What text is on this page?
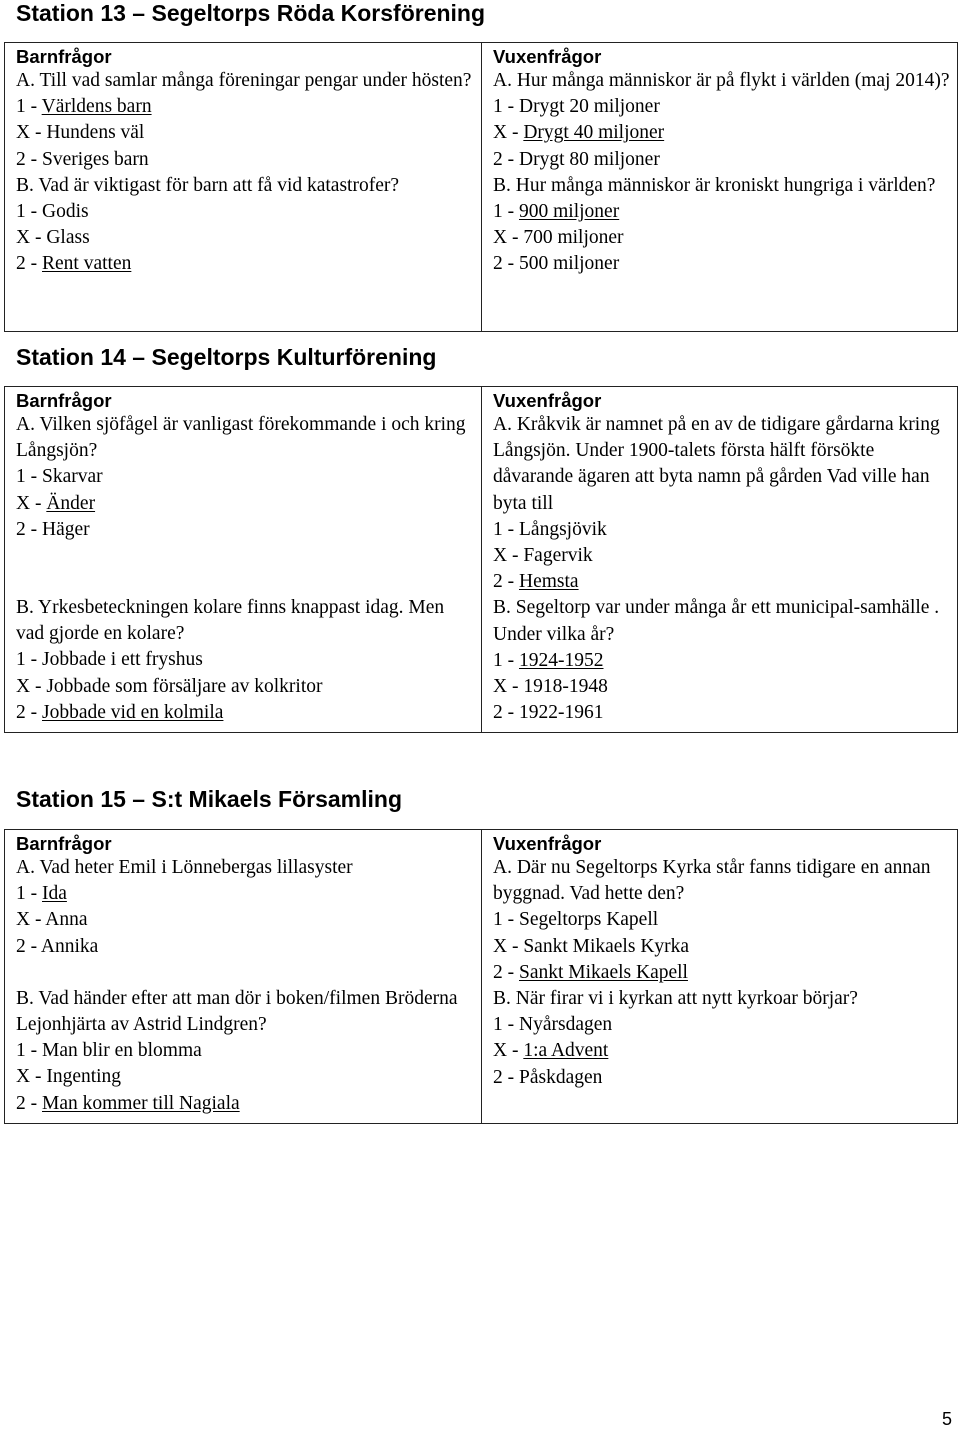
Station 13 – Segeltorps Röda Korsförening
Barnfrågor
A. Till vad samlar många föreningar pengar under hösten?
1 - Världens barn
X - Hundens väl
2 - Sveriges barn
B. Vad är viktigast för barn att få vid katastrofer?
1 - Godis
X - Glass
2 - Rent vatten

Vuxenfrågor
A. Hur många människor är på flykt i världen (maj 2014)?
1 - Drygt 20 miljoner
X - Drygt 40 miljoner
2 - Drygt 80 miljoner
B. Hur många människor är kroniskt hungriga i världen?
1 - 900 miljoner
X - 700 miljoner
2 - 500 miljoner
Station 14 – Segeltorps Kulturförening
Barnfrågor
A. Vilken sjöfågel är vanligast förekommande i och kring Långsjön?
1 - Skarvar
X - Änder
2 - Häger
B. Yrkesbeteckningen kolare finns knappast idag. Men vad gjorde en kolare?
1 - Jobbade i ett fryshus
X - Jobbade som försäljare av kolkritor
2 - Jobbade vid en kolmila

Vuxenfrågor
A. Kråkvik är namnet på en av de tidigare gårdarna kring Långsjön. Under 1900-talets första hälft försökte dåvarande ägaren att byta namn på gården Vad ville han byta till
1 - Långsjövik
X - Fagervik
2 - Hemsta
B. Segeltorp var under många år ett municipal-samhälle . Under vilka år?
1 - 1924-1952
X - 1918-1948
2 - 1922-1961
Station 15 – S:t Mikaels Församling
Barnfrågor
A. Vad heter Emil i Lönnebergas lillasyster
1 - Ida
X - Anna
2 - Annika
B. Vad händer efter att man dör i boken/filmen Bröderna Lejonhjärta av Astrid Lindgren?
1 - Man blir en blomma
X - Ingenting
2 - Man kommer till Nagiala

Vuxenfrågor
A. Där nu Segeltorps Kyrka står fanns tidigare en annan byggnad. Vad hette den?
1 - Segeltorps Kapell
X - Sankt Mikaels Kyrka
2 - Sankt Mikaels Kapell
B. När firar vi i kyrkan att nytt kyrkoar börjar?
1 - Nyårsdagen
X - 1:a Advent
2 - Påskdagen
5
